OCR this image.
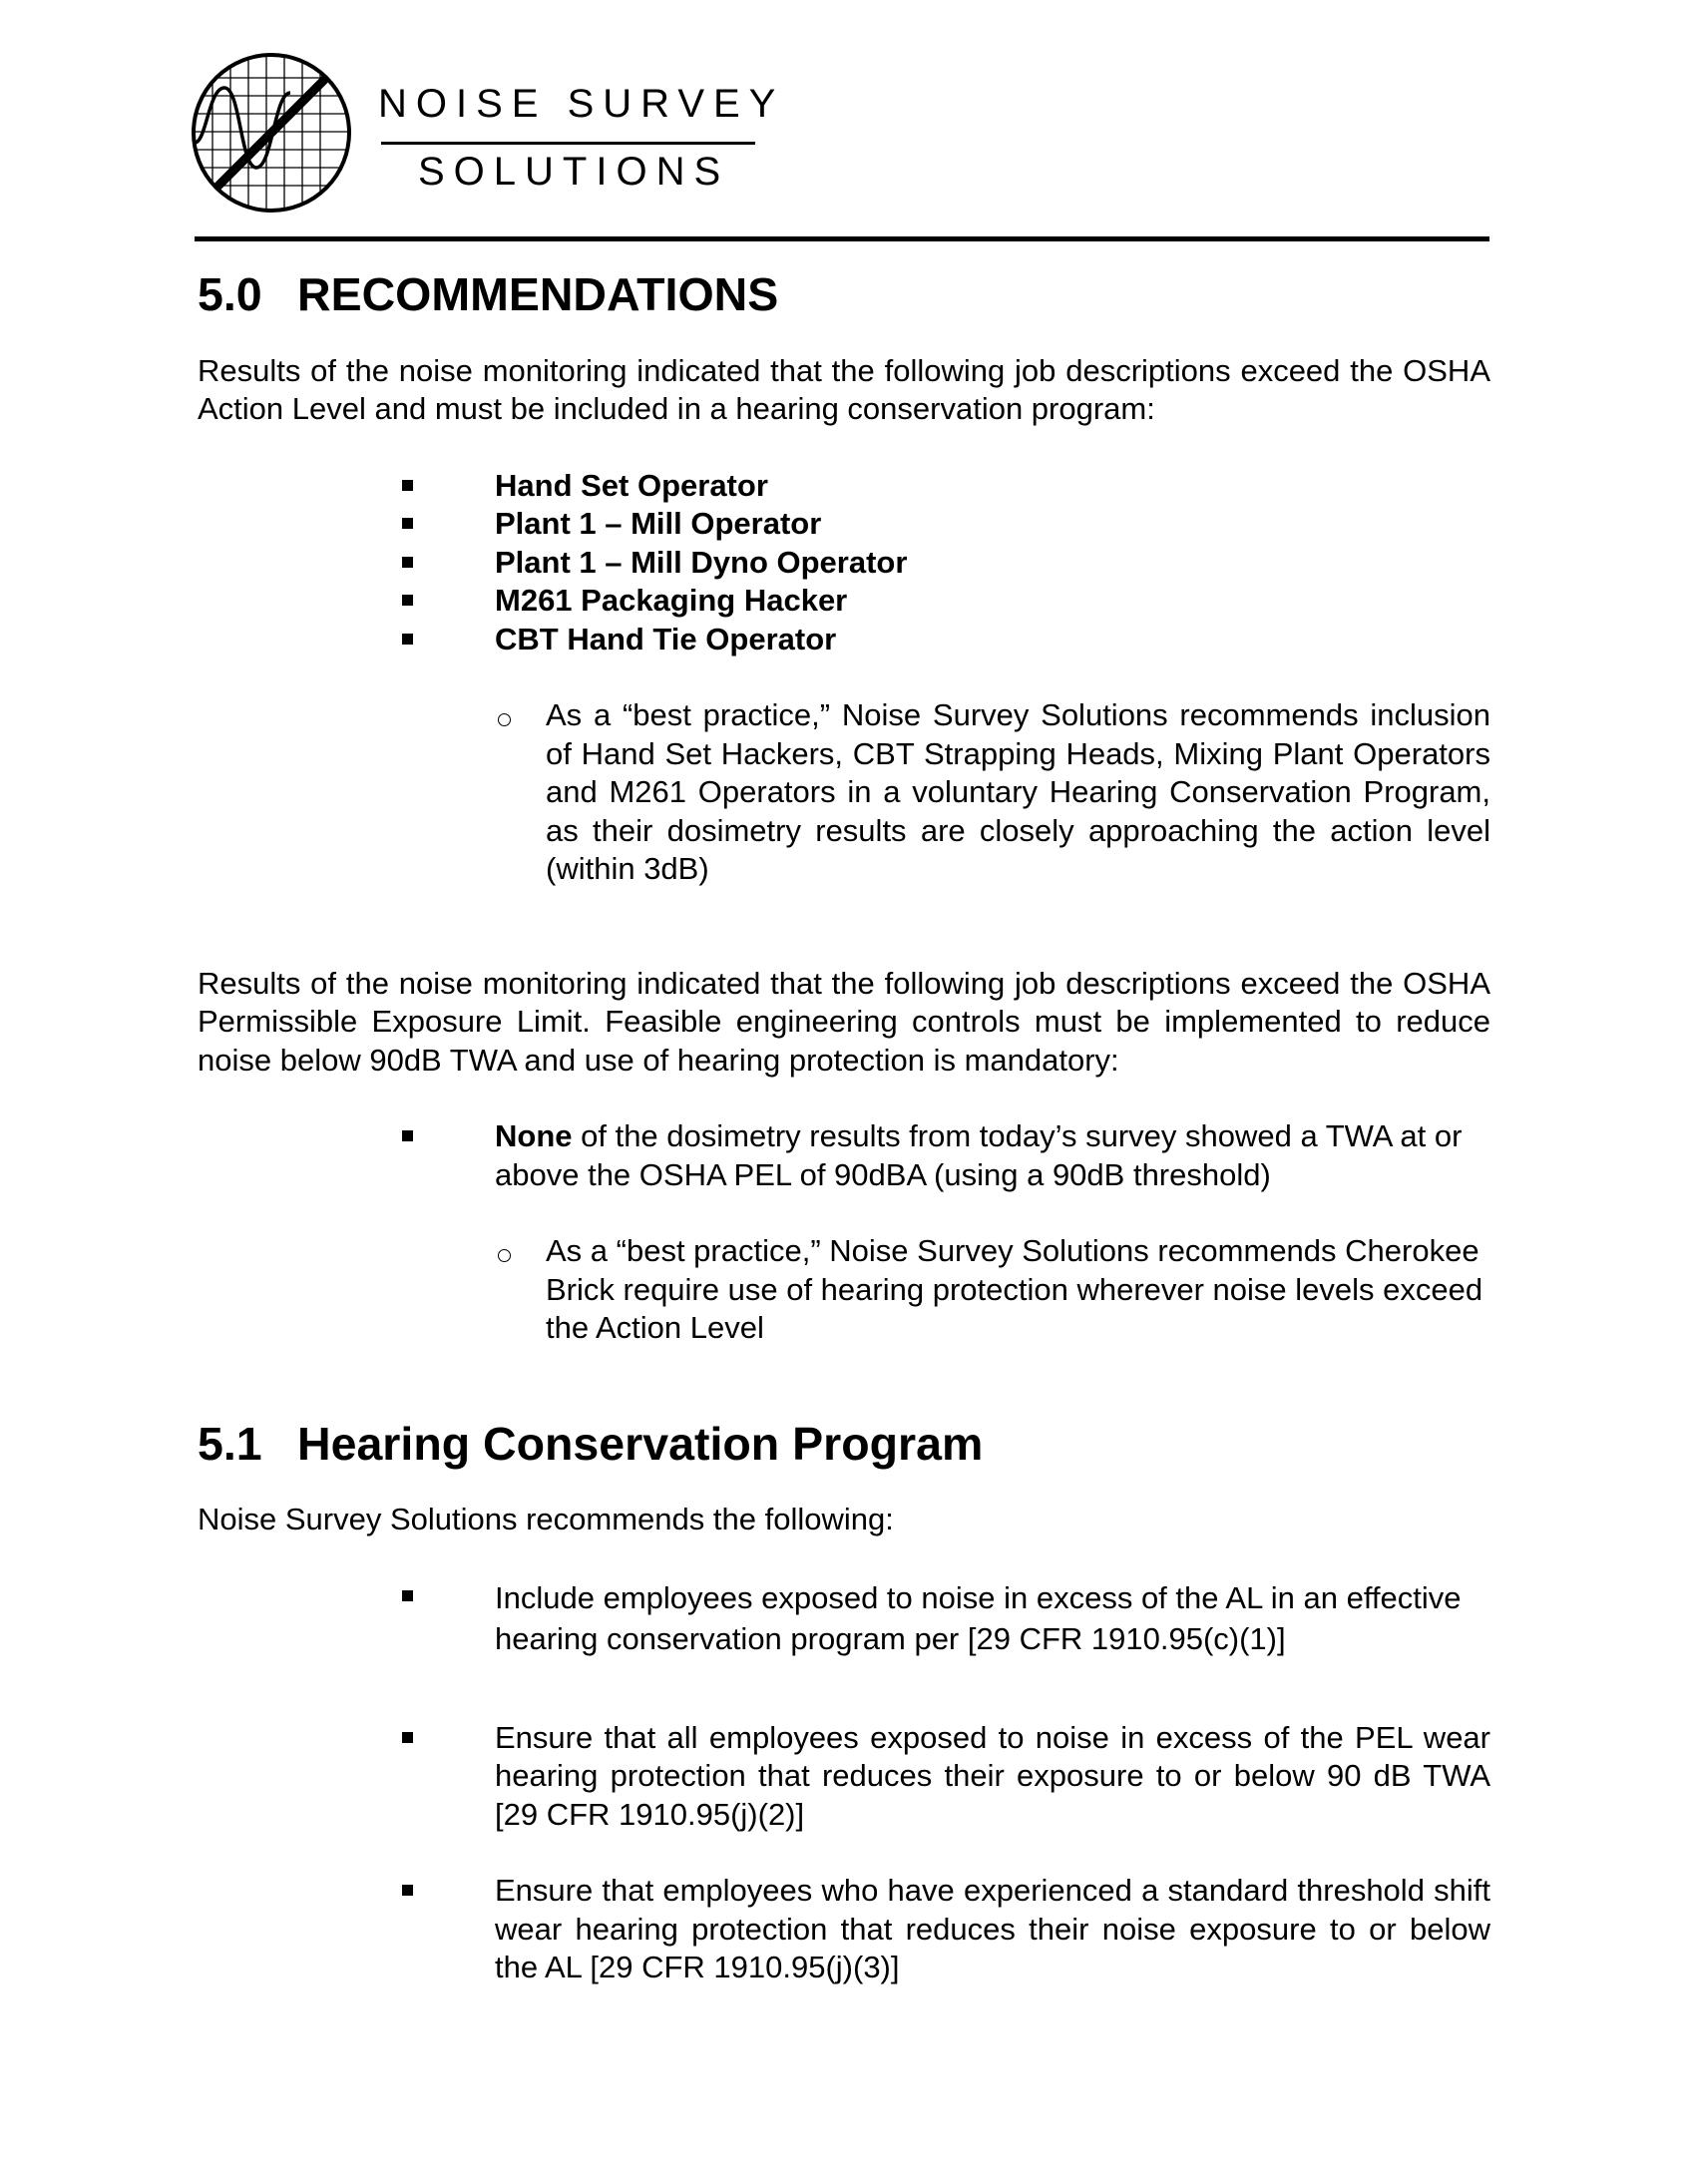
NOISE SURVEY
SOLUTIONS
5.0 RECOMMENDATIONS

Results of the noise monitoring indicated that the following job descriptions exceed the OSHA Action Level and must be included in a hearing conservation program:

Hand Set Operator
Plant 1 – Mill Operator
Plant 1 – Mill Dyno Operator
M261 Packaging Hacker
CBT Hand Tie Operator
As a “best practice,” Noise Survey Solutions recommends inclusion of Hand Set Hackers, CBT Strapping Heads, Mixing Plant Operators and M261 Operators in a voluntary Hearing Conservation Program, as their dosimetry results are closely approaching the action level (within 3dB)

Results of the noise monitoring indicated that the following job descriptions exceed the OSHA Permissible Exposure Limit. Feasible engineering controls must be implemented to reduce noise below 90dB TWA and use of hearing protection is mandatory:

None of the dosimetry results from today’s survey showed a TWA at or above the OSHA PEL of 90dBA (using a 90dB threshold)
As a “best practice,” Noise Survey Solutions recommends Cherokee Brick require use of hearing protection wherever noise levels exceed the Action Level
5.1 Hearing Conservation Program

Noise Survey Solutions recommends the following:

Include employees exposed to noise in excess of the AL in an effective hearing conservation program per [29 CFR 1910.95(c)(1)]
Ensure that all employees exposed to noise in excess of the PEL wear hearing protection that reduces their exposure to or below 90 dB TWA [29 CFR 1910.95(j)(2)]
Ensure that employees who have experienced a standard threshold shift wear hearing protection that reduces their noise exposure to or below the AL [29 CFR 1910.95(j)(3)]
